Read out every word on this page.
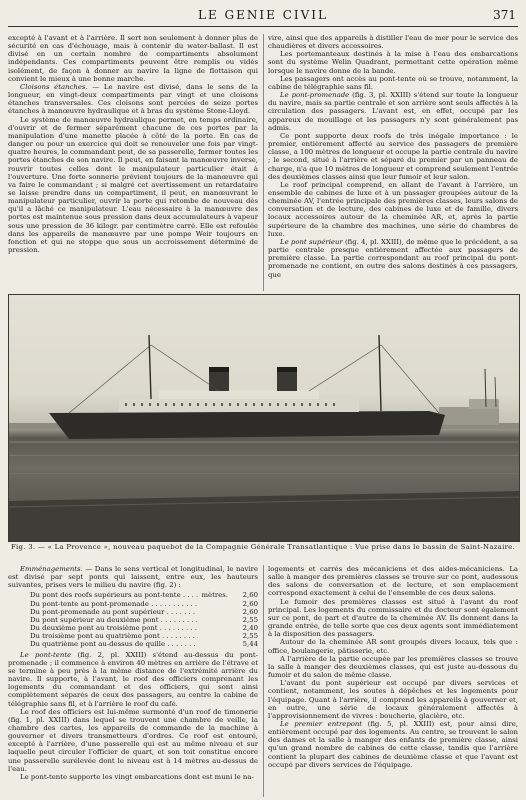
LE GENIE CIVIL	371

excepté à l'avant et à l'arrière. Il sert non seulement à donner plus de sécurité en cas d'échouage, mais à contenir du water-ballast. Il est divisé en un certain nombre de compartiments absolument indépendants. Ces compartiments peuvent être remplis ou vidés isolément, de façon à donner au navire la ligne de flottaison qui convient le mieux à une bonne marche.

Cloisons étanches. — Le navire est divisé, dans le sens de la longueur, en vingt-deux compartiments par vingt et une cloisons étanches transversales. Ces cloisons sont percées de seize portes étanches à manœuvre hydraulique et à bras du système Stone-Lloyd.

Le système de manœuvre hydraulique permet, en temps ordinaire, d'ouvrir et de fermer séparément chacune de ces portes par la manipulation d'une manette placée à côté de la porte. En cas de danger ou pour un exercice qui doit se renouveler une fois par vingt-quatre heures, le commandant peut, de sa passerelle, fermer toutes les portes étanches de son navire. Il peut, en faisant la manœuvre inverse, rouvrir toutes celles dont le manipulateur particulier était à l'ouverture. Une forte sonnerie prévient toujours de la manœuvre qui va faire le commandant ; si malgré cet avertissement un retardataire se laisse prendre dans un compartiment, il peut, en manœuvrant le manipulateur particulier, ouvrir la porte qui retombe de nouveau dès qu'il a lâché ce manipulateur. L'eau nécessaire à la manœuvre des portes est maintenue sous pression dans deux accumulateurs à vapeur sous une pression de 36 kilogr. par centimètre carré. Elle est refoulée dans les appareils de manœuvre par une pompe Weir toujours en fonction et qui ne stoppe que sous un accroissement déterminé de pression.

vire, ainsi que des appareils à distiller l'eau de mer pour le service des chaudières et divers accessoires.

Les portemanteaux destinés à la mise à l'eau des embarcations sont du système Welin Quadrant, permettant cette opération même lorsque le navire donne de la bande.

Les passagers ont accès au pont-tente où se trouve, notamment, la cabine de télégraphie sans fil.

Le pont-promenade (fig. 3, pl. XXIII) s'étend sur toute la longueur du navire, mais sa partie centrale et son arrière sont seuls affectés à la circulation des passagers. L'avant est, en effet, occupé par les appareux de mouillage et les passagers n'y sont généralement pas admis.

Ce pont supporte deux roofs de très inégale importance : le premier, entièrement affecté au service des passagers de première classe, a 100 mètres de longueur et occupe la partie centrale du navire ; le second, situé à l'arrière et séparé du premier par un panneau de charge, n'a que 10 mètres de longueur et comprend seulement l'entrée des deuxièmes classes ainsi que leur fumoir et leur salon.

Le roof principal comprend, en allant de l'avant à l'arrière, un ensemble de cabines de luxe et à un passager groupées autour de la cheminée AV, l'entrée principale des premières classes, leurs salons de conversation et de lecture, des cabines de luxe et de famille, divers locaux accessoires autour de la cheminée AR, et, après la partie supérieure de la chambre des machines, une série de chambres de luxe.

Le pont supérieur (fig. 4, pl. XXIII), de même que le précédent, a sa partie centrale presque entièrement affectée aux passagers de première classe. La partie correspondant au roof principal du pont-promenade ne contient, en outre des salons destinés à ces passagers, que

Fig. 3. — « La Provence », nouveau paquebot de la Compagnie Générale Transatlantique : Vue prise dans le bassin de Saint-Nazaire.

Emménagements. — Dans le sens vertical et longitudinal, le navire est divisé par sept ponts qui laissent, entre eux, les hauteurs suivantes, prises vers le milieu du navire (fig. 2) :

Du pont des roofs supérieurs au pont-tente . . .	mètres.	2,60
Du pont-tente au pont-promenade . . .	2,60
Du pont-promenade au pont supérieur . . .	2,60
Du pont supérieur au deuxième pont . . .	2,55
Du deuxième pont au troisième pont . . .	2,40
Du troisième pont au quatrième pont . . .	2,55
Du quatrième pont au-dessus de quille . . .	5,44

Le pont-tente (fig. 2, pl. XXIII) s'étend au-dessus du pont-promenade ; il commence à environ 40 mètres en arrière de l'étrave et se termine à peu près à la même distance de l'extrémité arrière du navire. Il supporte, à l'avant, le roof des officiers comprenant les logements du commandant et des officiers, qui sont ainsi complètement séparés de ceux des passagers, au centre la cabine de télégraphie sans fil, et à l'arrière le roof du café.

Le roof des officiers est lui-même surmonté d'un roof de timonerie (fig. 1, pl. XXIII) dans lequel se trouvent une chambre de veille, la chambre des cartes, les appareils de commande de la machine à gouverner et divers transmetteurs d'ordres. Ce roof est entouré, excepté à l'arrière, d'une passerelle qui est au même niveau et sur laquelle peut circuler l'officier de quart, et son toit constitue encore une passerelle surélevée dont le niveau est à 14 mètres au-dessus de l'eau.

Le pont-tente supporte les vingt embarcations dont est muni le na-

logements et carrés des mécaniciens et des aides-mécaniciens. La salle à manger des premières classes se trouve sur ce pont, audessous des salons de conversation et de lecture, et son emplacement correspond exactement à celui de l'ensemble de ces deux salons.

Le fumoir des premières classes est situé à l'avant du roof principal. Les logements du commissaire et du docteur sont également sur ce pont, de part et d'autre de la cheminée AV. Ils donnent dans la grande entrée, de telle sorte que ces deux agents sont immédiatement à la disposition des passagers.

Autour de la cheminée AR sont groupés divers locaux, tels que : office, boulangerie, pâtisserie, etc.

A l'arrière de la partie occupée par les premières classes se trouve la salle à manger des deuxièmes classes, qui est juste au-dessous du fumoir et du salon de même classe.

L'avant du pont supérieur est occupé par divers services et contient, notamment, les soutes à dépêches et les logements pour l'équipage. Quant à l'arrière, il comprend les appareils à gouverner et, en outre, une série de locaux généralement affectés à l'approvisionnement de vivres : boucherie, glacière, etc.

Le premier entrepont (fig. 5, pl. XXIII) est, pour ainsi dire, entièrement occupé par des logements. Au centre, se trouvent le salon des dames et la salle à manger des enfants de première classe, ainsi qu'un grand nombre de cabines de cette classe, tandis que l'arrière contient la plupart des cabines de deuxième classe et que l'avant est occupé par divers services de l'équipage.
